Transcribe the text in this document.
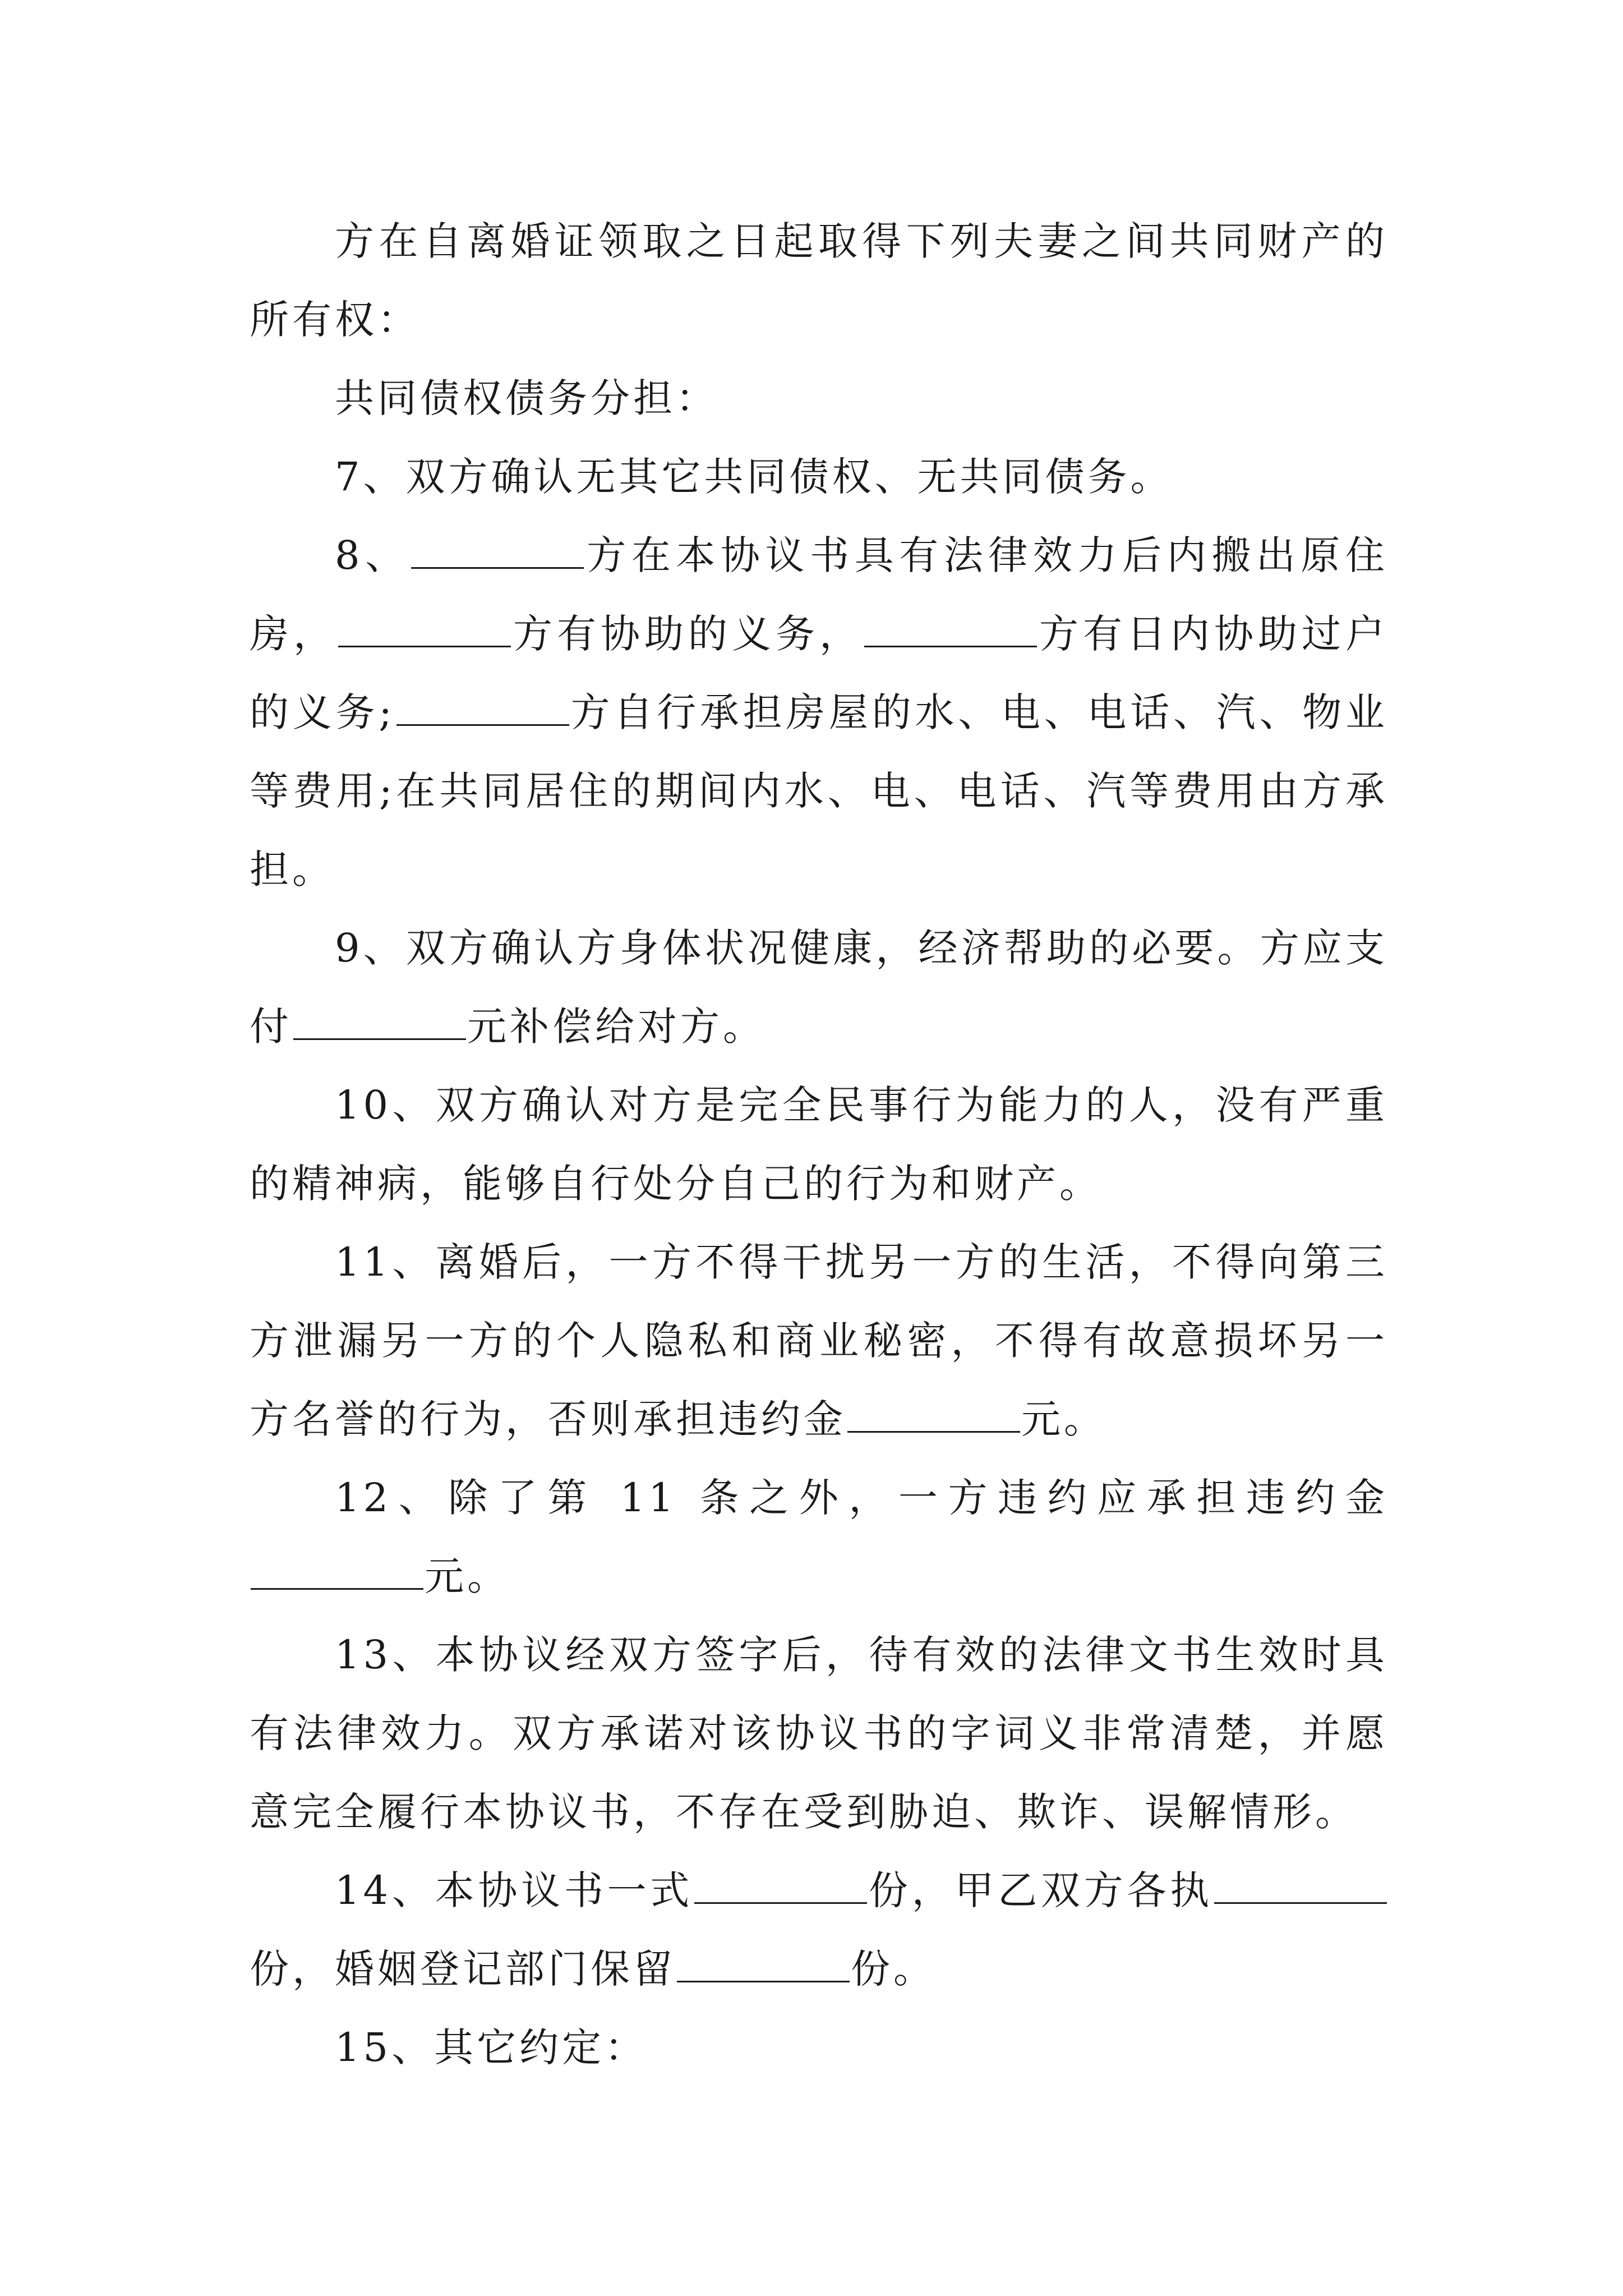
方在自离婚证领取之日起取得下列夫妻之间共同财产的所有权：

共同债权债务分担：

7、双方确认无其它共同债权、无共同债务。

8、	方在本协议书具有法律效力后内搬出原住房，	方有协助的义务，	方有日内协助过户的义务;	方自行承担房屋的水、电、电话、汽、物业等费用;在共同居住的期间内水、电、电话、汽等费用由方承担。

9、双方确认方身体状况健康，经济帮助的必要。方应支付	元补偿给对方。

10、双方确认对方是完全民事行为能力的人，没有严重的精神病，能够自行处分自己的行为和财产。

11、离婚后，一方不得干扰另一方的生活，不得向第三方泄漏另一方的个人隐私和商业秘密，不得有故意损坏另一方名誉的行为，否则承担违约金	元。

12、除了第 11 条之外，一方违约应承担违约金元。

13、本协议经双方签字后，待有效的法律文书生效时具有法律效力。双方承诺对该协议书的字词义非常清楚，并愿意完全履行本协议书，不存在受到胁迫、欺诈、误解情形。

14、本协议书一式	份，甲乙双方各执份，婚姻登记部门保留	份。

15、其它约定：
